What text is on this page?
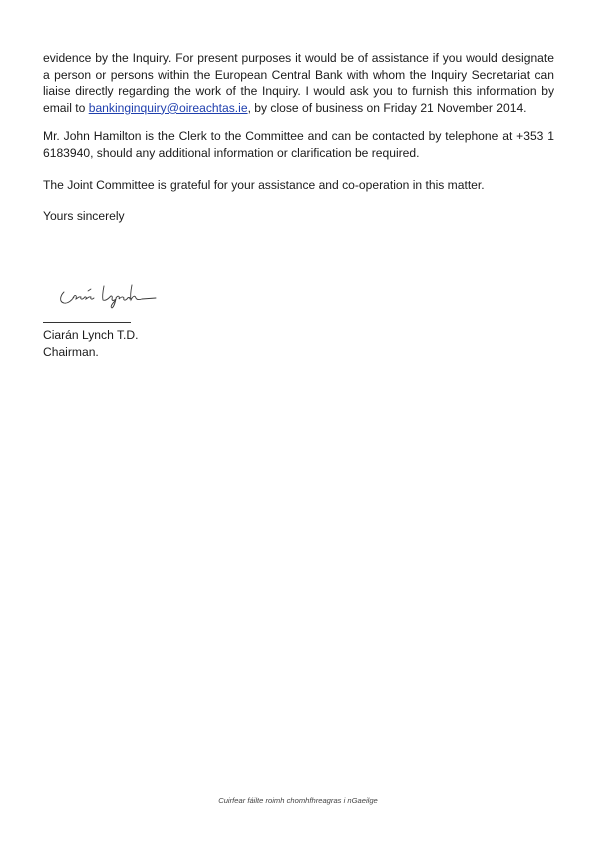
evidence by the Inquiry. For present purposes it would be of assistance if you would designate a person or persons within the European Central Bank with whom the Inquiry Secretariat can liaise directly regarding the work of the Inquiry. I would ask you to furnish this information by email to bankinginquiry@oireachtas.ie, by close of business on Friday 21 November 2014.

Mr. John Hamilton is the Clerk to the Committee and can be contacted by telephone at +353 1 6183940, should any additional information or clarification be required.

The Joint Committee is grateful for your assistance and co-operation in this matter.

Yours sincerely

Ciarán Lynch T.D.
Chairman.
Cuirfear fáilte roimh chomhfhreagras i nGaeilge
